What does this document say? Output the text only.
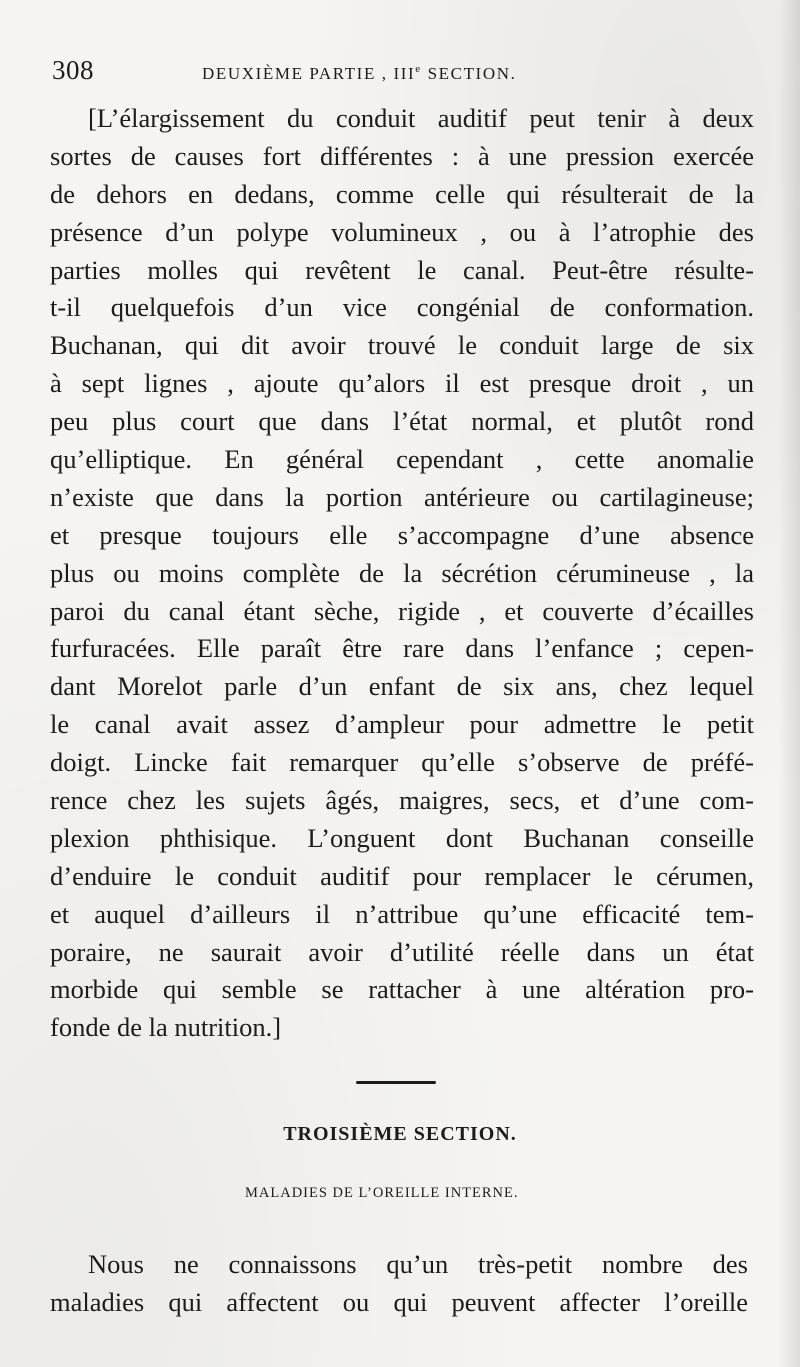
308	DEUXIÈME PARTIE , IIIe SECTION.
[L’élargissement du conduit auditif peut tenir à deux
sortes de causes fort différentes : à une pression exercée
de dehors en dedans, comme celle qui résulterait de la
présence d’un polype volumineux , ou à l’atrophie des
parties molles qui revêtent le canal. Peut-être résulte-
t-il quelquefois d’un vice congénial de conformation.
Buchanan, qui dit avoir trouvé le conduit large de six
à sept lignes , ajoute qu’alors il est presque droit , un
peu plus court que dans l’état normal, et plutôt rond
qu’elliptique. En général cependant , cette anomalie
n’existe que dans la portion antérieure ou cartilagineuse;
et presque toujours elle s’accompagne d’une absence
plus ou moins complète de la sécrétion cérumineuse , la
paroi du canal étant sèche, rigide , et couverte d’écailles
furfuracées. Elle paraît être rare dans l’enfance ; cepen-
dant Morelot parle d’un enfant de six ans, chez lequel
le canal avait assez d’ampleur pour admettre le petit
doigt. Lincke fait remarquer qu’elle s’observe de préfé-
rence chez les sujets âgés, maigres, secs, et d’une com-
plexion phthisique. L’onguent dont Buchanan conseille
d’enduire le conduit auditif pour remplacer le cérumen,
et auquel d’ailleurs il n’attribue qu’une efficacité tem-
poraire, ne saurait avoir d’utilité réelle dans un état
morbide qui semble se rattacher à une altération pro-
fonde de la nutrition.]
TROISIÈME SECTION.
MALADIES DE L’OREILLE INTERNE.
Nous ne connaissons qu’un très-petit nombre des
maladies qui affectent ou qui peuvent affecter l’oreille
